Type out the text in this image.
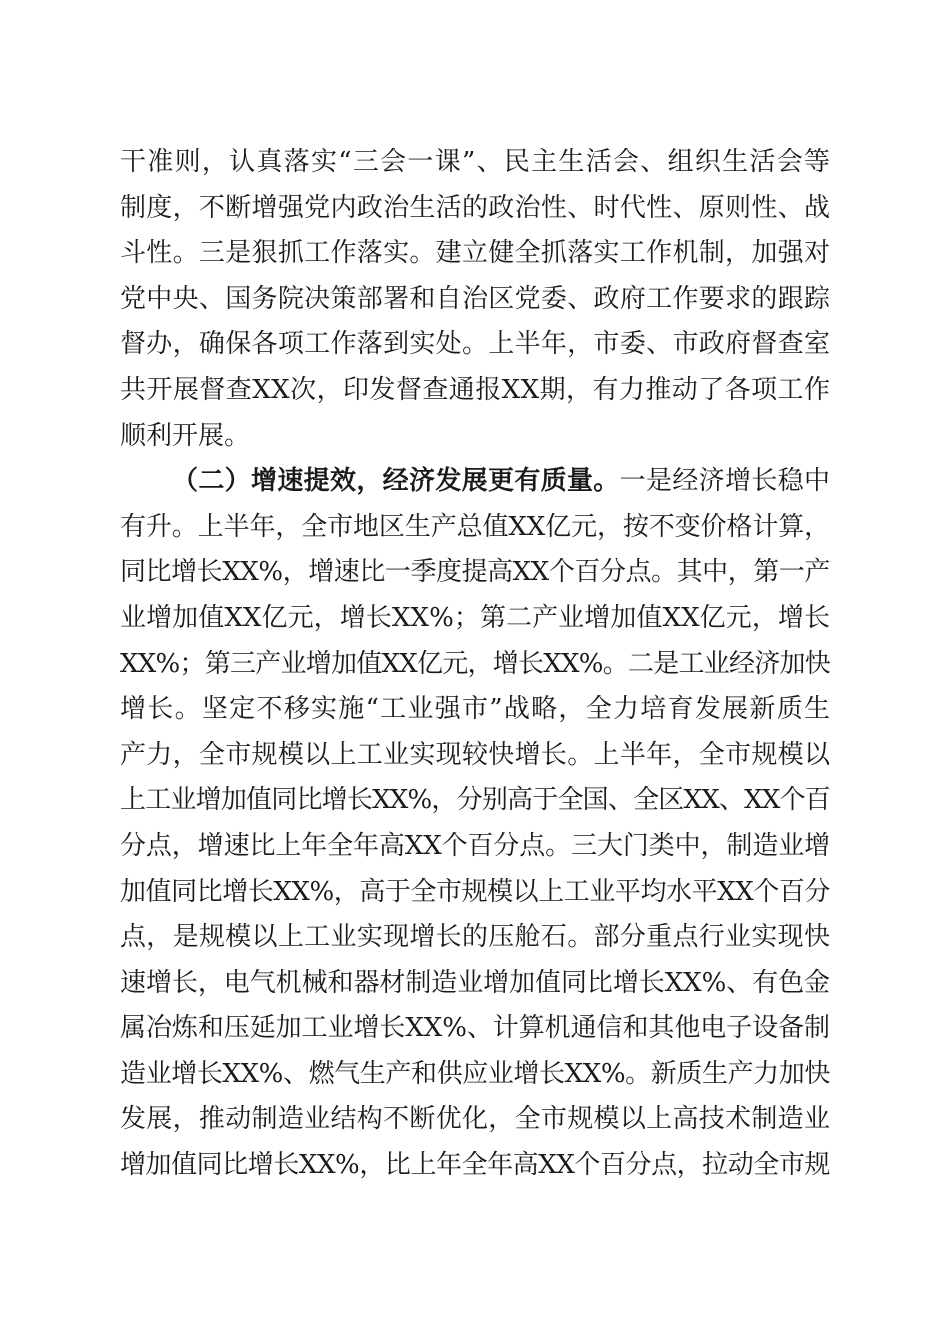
干准则，认真落实“三会一课”、民主生活会、组织生活会等
制度，不断增强党内政治生活的政治性、时代性、原则性、战
斗性。三是狠抓工作落实。建立健全抓落实工作机制，加强对
党中央、国务院决策部署和自治区党委、政府工作要求的跟踪
督办，确保各项工作落到实处。上半年，市委、市政府督查室
共开展督查XX次，印发督查通报XX期，有力推动了各项工作
顺利开展。
（二）增速提效，经济发展更有质量。一是经济增长稳中
有升。上半年，全市地区生产总值XX亿元，按不变价格计算，
同比增长XX%，增速比一季度提高XX个百分点。其中，第一产
业增加值XX亿元，增长XX%；第二产业增加值XX亿元，增长
XX%；第三产业增加值XX亿元，增长XX%。二是工业经济加快
增长。坚定不移实施“工业强市”战略，全力培育发展新质生
产力，全市规模以上工业实现较快增长。上半年，全市规模以
上工业增加值同比增长XX%，分别高于全国、全区XX、XX个百
分点，增速比上年全年高XX个百分点。三大门类中，制造业增
加值同比增长XX%，高于全市规模以上工业平均水平XX个百分
点，是规模以上工业实现增长的压舱石。部分重点行业实现快
速增长，电气机械和器材制造业增加值同比增长XX%、有色金
属冶炼和压延加工业增长XX%、计算机通信和其他电子设备制
造业增长XX%、燃气生产和供应业增长XX%。新质生产力加快
发展，推动制造业结构不断优化，全市规模以上高技术制造业
增加值同比增长XX%，比上年全年高XX个百分点，拉动全市规
